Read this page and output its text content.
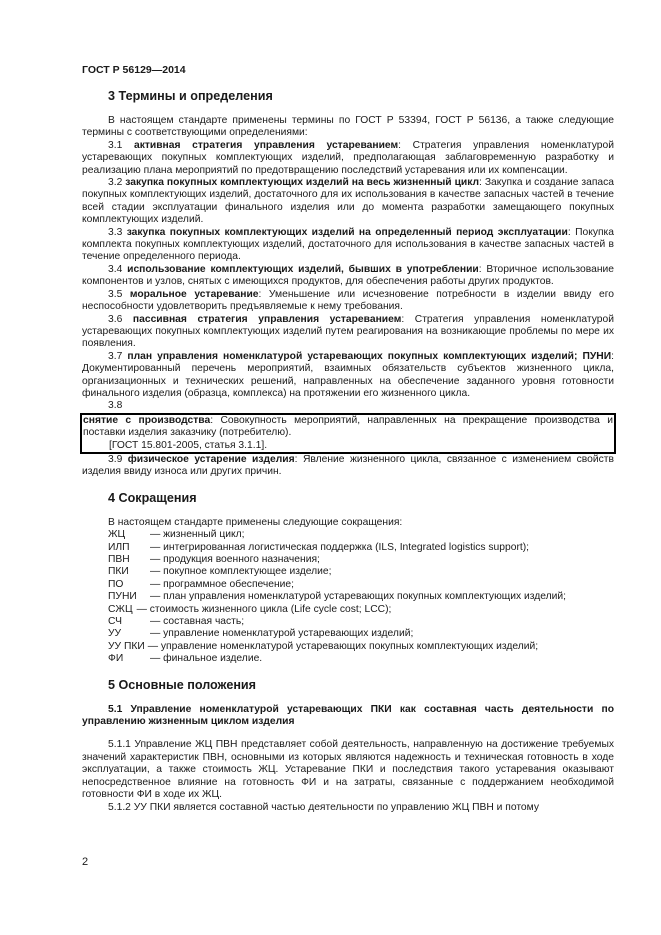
ГОСТ Р 56129—2014
3 Термины и определения

В настоящем стандарте применены термины по ГОСТ Р 53394, ГОСТ Р 56136, а также следующие термины с соответствующими определениями:

3.1 активная стратегия управления устареванием: Стратегия управления номенклатурой устаревающих покупных комплектующих изделий, предполагающая заблаговременную разработку и реализацию плана мероприятий по предотвращению последствий устаревания или их компенсации.

3.2 закупка покупных комплектующих изделий на весь жизненный цикл: Закупка и создание запаса покупных комплектующих изделий, достаточного для их использования в качестве запасных частей в течение всей стадии эксплуатации финального изделия или до момента разработки замещающего покупных комплектующих изделий.

3.3 закупка покупных комплектующих изделий на определенный период эксплуатации: Покупка комплекта покупных комплектующих изделий, достаточного для использования в качестве запасных частей в течение определенного периода.

3.4 использование комплектующих изделий, бывших в употреблении: Вторичное использование компонентов и узлов, снятых с имеющихся продуктов, для обеспечения работы других продуктов.

3.5 моральное устаревание: Уменьшение или исчезновение потребности в изделии ввиду его неспособности удовлетворить предъявляемые к нему требования.

3.6 пассивная стратегия управления устареванием: Стратегия управления номенклатурой устаревающих покупных комплектующих изделий путем реагирования на возникающие проблемы по мере их появления.

3.7 план управления номенклатурой устаревающих покупных комплектующих изделий; ПУНИ: Документированный перечень мероприятий, взаимных обязательств субъектов жизненного цикла, организационных и технических решений, направленных на обеспечение заданного уровня готовности финального изделия (образца, комплекса) на протяжении его жизненного цикла.

3.8

снятие с производства: Совокупность мероприятий, направленных на прекращение производства и поставки изделия заказчику (потребителю).

[ГОСТ 15.801-2005, статья 3.1.1].

3.9 физическое устарение изделия: Явление жизненного цикла, связанное с изменением свойств изделия ввиду износа или других причин.

4 Сокращения

В настоящем стандарте применены следующие сокращения:

ЖЦ	— жизненный цикл;
ИЛП	— интегрированная логистическая поддержка (ILS, Integrated logistics support);
ПВН	— продукция военного назначения;
ПКИ	— покупное комплектующее изделие;
ПО	— программное обеспечение;
ПУНИ	— план управления номенклатурой устаревающих покупных комплектующих изделий;
СЖЦ — стоимость жизненного цикла (Life cycle cost; LCC);
СЧ	— составная часть;
УУ	— управление номенклатурой устаревающих изделий;
УУ ПКИ — управление номенклатурой устаревающих покупных комплектующих изделий;
ФИ	— финальное изделие.
5 Основные положения
5.1 Управление номенклатурой устаревающих ПКИ как составная часть деятельности по управлению жизненным циклом изделия

5.1.1 Управление ЖЦ ПВН представляет собой деятельность, направленную на достижение требуемых значений характеристик ПВН, основными из которых являются надежность и техническая готовность в ходе эксплуатации, а также стоимость ЖЦ. Устаревание ПКИ и последствия такого устаревания оказывают непосредственное влияние на готовность ФИ и на затраты, связанные с поддержанием необходимой готовности ФИ в ходе их ЖЦ.

5.1.2 УУ ПКИ является составной частью деятельности по управлению ЖЦ ПВН и потому

2
